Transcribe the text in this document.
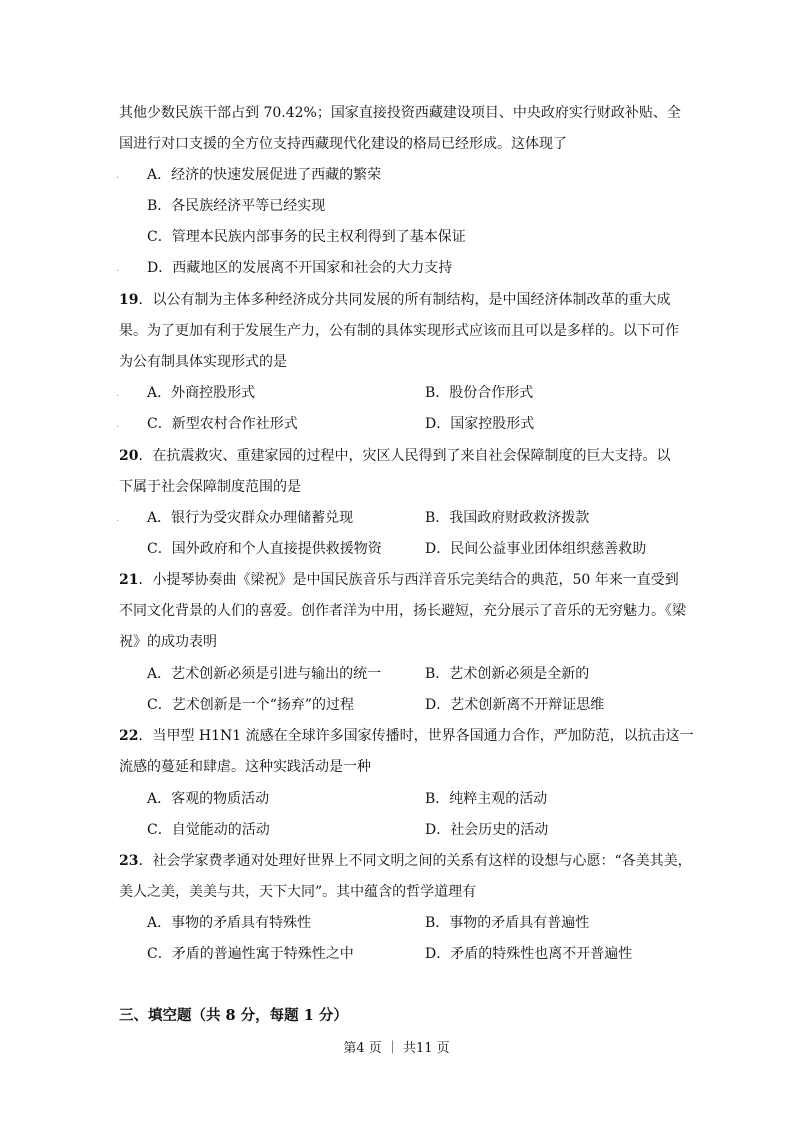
其他少数民族干部占到 70.42%；国家直接投资西藏建设项目、中央政府实行财政补贴、全
国进行对口支援的全方位支持西藏现代化建设的格局已经形成。这体现了
. A．经济的快速发展促进了西藏的繁荣
B．各民族经济平等已经实现
C．管理本民族内部事务的民主权利得到了基本保证
. D．西藏地区的发展离不开国家和社会的大力支持
19．以公有制为主体多种经济成分共同发展的所有制结构，是中国经济体制改革的重大成
果。为了更加有利于发展生产力，公有制的具体实现形式应该而且可以是多样的。以下可作
为公有制具体实现形式的是
. A．外商控股形式	B．股份合作形式
. C．新型农村合作社形式	D．国家控股形式
20．在抗震救灾、重建家园的过程中，灾区人民得到了来自社会保障制度的巨大支持。以
下属于社会保障制度范围的是
. A．银行为受灾群众办理储蓄兑现	B．我国政府财政救济拨款
C．国外政府和个人直接提供救援物资	D．民间公益事业团体组织慈善救助
21．小提琴协奏曲《梁祝》是中国民族音乐与西洋音乐完美结合的典范，50 年来一直受到
不同文化背景的人们的喜爱。创作者洋为中用，扬长避短，充分展示了音乐的无穷魅力。《梁
祝》的成功表明
A．艺术创新必须是引进与输出的统一	B．艺术创新必须是全新的
C．艺术创新是一个“扬弃”的过程	D．艺术创新离不开辩证思维
22．当甲型 H1N1 流感在全球许多国家传播时，世界各国通力合作，严加防范，以抗击这一
流感的蔓延和肆虐。这种实践活动是一种
A．客观的物质活动	B．纯粹主观的活动
C．自觉能动的活动	D．社会历史的活动
23．社会学家费孝通对处理好世界上不同文明之间的关系有这样的设想与心愿：“各美其美，
美人之美，美美与共，天下大同”。其中蕴含的哲学道理有
A．事物的矛盾具有特殊性	B．事物的矛盾具有普遍性
C．矛盾的普遍性寓于特殊性之中	D．矛盾的特殊性也离不开普遍性
三、填空题（共 8 分，每题 1 分）
第4 页 ｜ 共11 页
